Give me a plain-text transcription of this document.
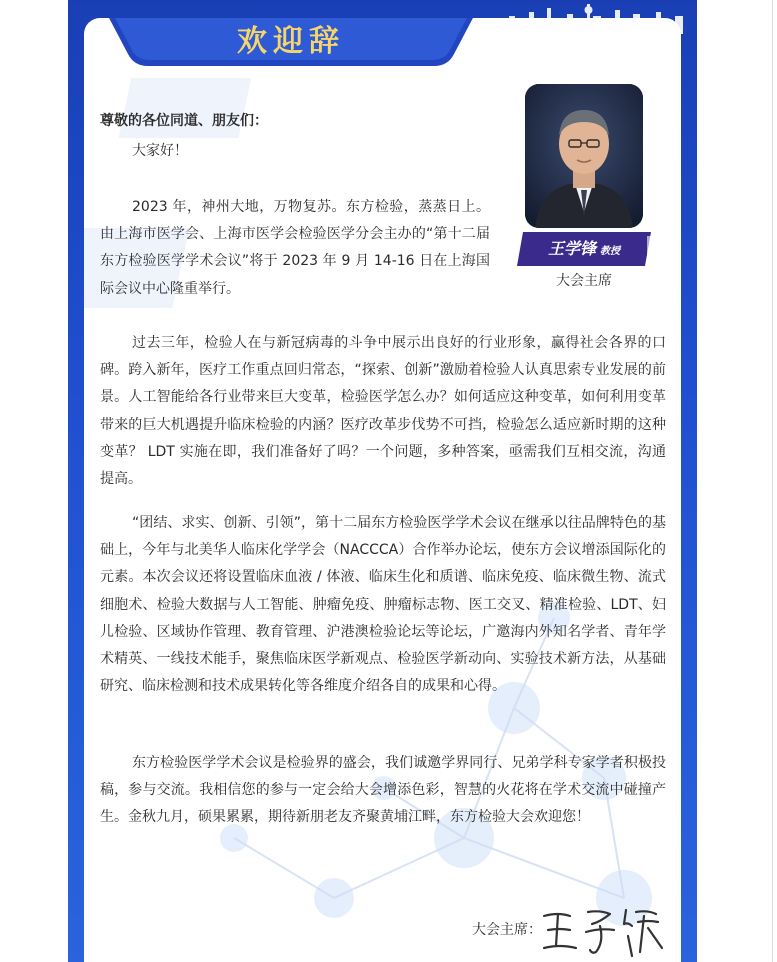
欢迎辞
尊敬的各位同道、朋友们：
大家好！

2023 年，神州大地，万物复苏。东方检验，蒸蒸日上。由上海市医学会、上海市医学会检验医学分会主办的“第十二届东方检验医学学术会议”将于 2023 年 9 月 14-16 日在上海国际会议中心隆重举行。

过去三年，检验人在与新冠病毒的斗争中展示出良好的行业形象，赢得社会各界的口碑。跨入新年，医疗工作重点回归常态，“探索、创新”激励着检验人认真思索专业发展的前景。人工智能给各行业带来巨大变革，检验医学怎么办？如何适应这种变革，如何利用变革带来的巨大机遇提升临床检验的内涵？医疗改革步伐势不可挡，检验怎么适应新时期的这种变革？ LDT 实施在即，我们准备好了吗？一个问题，多种答案，亟需我们互相交流，沟通提高。

“团结、求实、创新、引领”，第十二届东方检验医学学术会议在继承以往品牌特色的基础上，今年与北美华人临床化学学会（NACCCA）合作举办论坛，使东方会议增添国际化的元素。本次会议还将设置临床血液 / 体液、临床生化和质谱、临床免疫、临床微生物、流式细胞术、检验大数据与人工智能、肿瘤免疫、肿瘤标志物、医工交叉、精准检验、LDT、妇儿检验、区域协作管理、教育管理、沪港澳检验论坛等论坛，广邀海内外知名学者、青年学术精英、一线技术能手，聚焦临床医学新观点、检验医学新动向、实验技术新方法，从基础研究、临床检测和技术成果转化等各维度介绍各自的成果和心得。

东方检验医学学术会议是检验界的盛会，我们诚邀学界同行、兄弟学科专家学者积极投稿，参与交流。我相信您的参与一定会给大会增添色彩，智慧的火花将在学术交流中碰撞产生。金秋九月，硕果累累，期待新朋老友齐聚黄埔江畔，东方检验大会欢迎您！

王学锋 教授
大会主席
大会主席：
